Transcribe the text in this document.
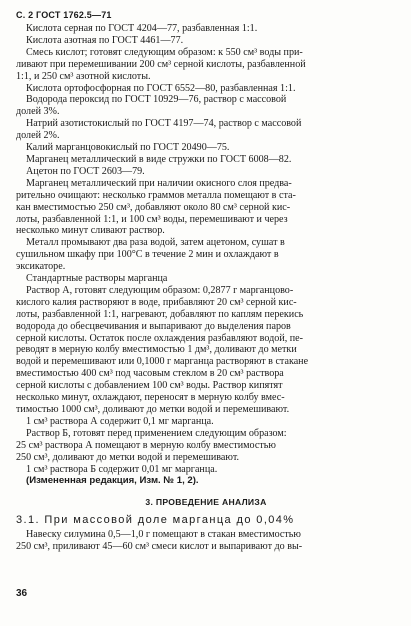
С. 2 ГОСТ 1762.5—71
Кислота серная по ГОСТ 4204—77, разбавленная 1:1.
Кислота азотная по ГОСТ 4461—77.
Смесь кислот; готовят следующим образом: к 550 см³ воды при-
ливают при перемешивании 200 см³ серной кислоты, разбавленной
1:1, и 250 см³ азотной кислоты.
Кислота ортофосфорная по ГОСТ 6552—80, разбавленная 1:1.
Водорода пероксид по ГОСТ 10929—76, раствор с массовой
долей 3%.
Натрий азотистокислый по ГОСТ 4197—74, раствор с массовой
долей 2%.
Калий марганцовокислый по ГОСТ 20490—75.
Марганец металлический в виде стружки по ГОСТ 6008—82.
Ацетон по ГОСТ 2603—79.
Марганец металлический при наличии окисного слоя предва-
рительно очищают: несколько граммов металла помещают в ста-
кан вместимостью 250 см³, добавляют около 80 см³ серной кис-
лоты, разбавленной 1:1, и 100 см³ воды, перемешивают и через
несколько минут сливают раствор.
Металл промывают два раза водой, затем ацетоном, сушат в
сушильном шкафу при 100°С в течение 2 мин и охлаждают в
эксикаторе.
Стандартные растворы марганца
Раствор А, готовят следующим образом: 0,2877 г марганцово-
кислого калия растворяют в воде, прибавляют 20 см³ серной кис-
лоты, разбавленной 1:1, нагревают, добавляют по каплям перекись
водорода до обесцвечивания и выпаривают до выделения паров
серной кислоты. Остаток после охлаждения разбавляют водой, пе-
реводят в мерную колбу вместимостью 1 дм³, доливают до метки
водой и перемешивают или 0,1000 г марганца растворяют в стакане
вместимостью 400 см³ под часовым стеклом в 20 см³ раствора
серной кислоты с добавлением 100 см³ воды. Раствор кипятят
несколько минут, охлаждают, переносят в мерную колбу вмес-
тимостью 1000 см³, доливают до метки водой и перемешивают.
1 см³ раствора А содержит 0,1 мг марганца.
Раствор Б, готовят перед применением следующим образом:
25 см³ раствора А помещают в мерную колбу вместимостью
250 см³, доливают до метки водой и перемешивают.
1 см³ раствора Б содержит 0,01 мг марганца.
(Измененная редакция, Изм. № 1, 2).
3. ПРОВЕДЕНИЕ АНАЛИЗА
3.1. При массовой доле марганца до 0,04%
Навеску силумина 0,5—1,0 г помещают в стакан вместимостью
250 см³, приливают 45—60 см³ смеси кислот и выпаривают до вы-
36
